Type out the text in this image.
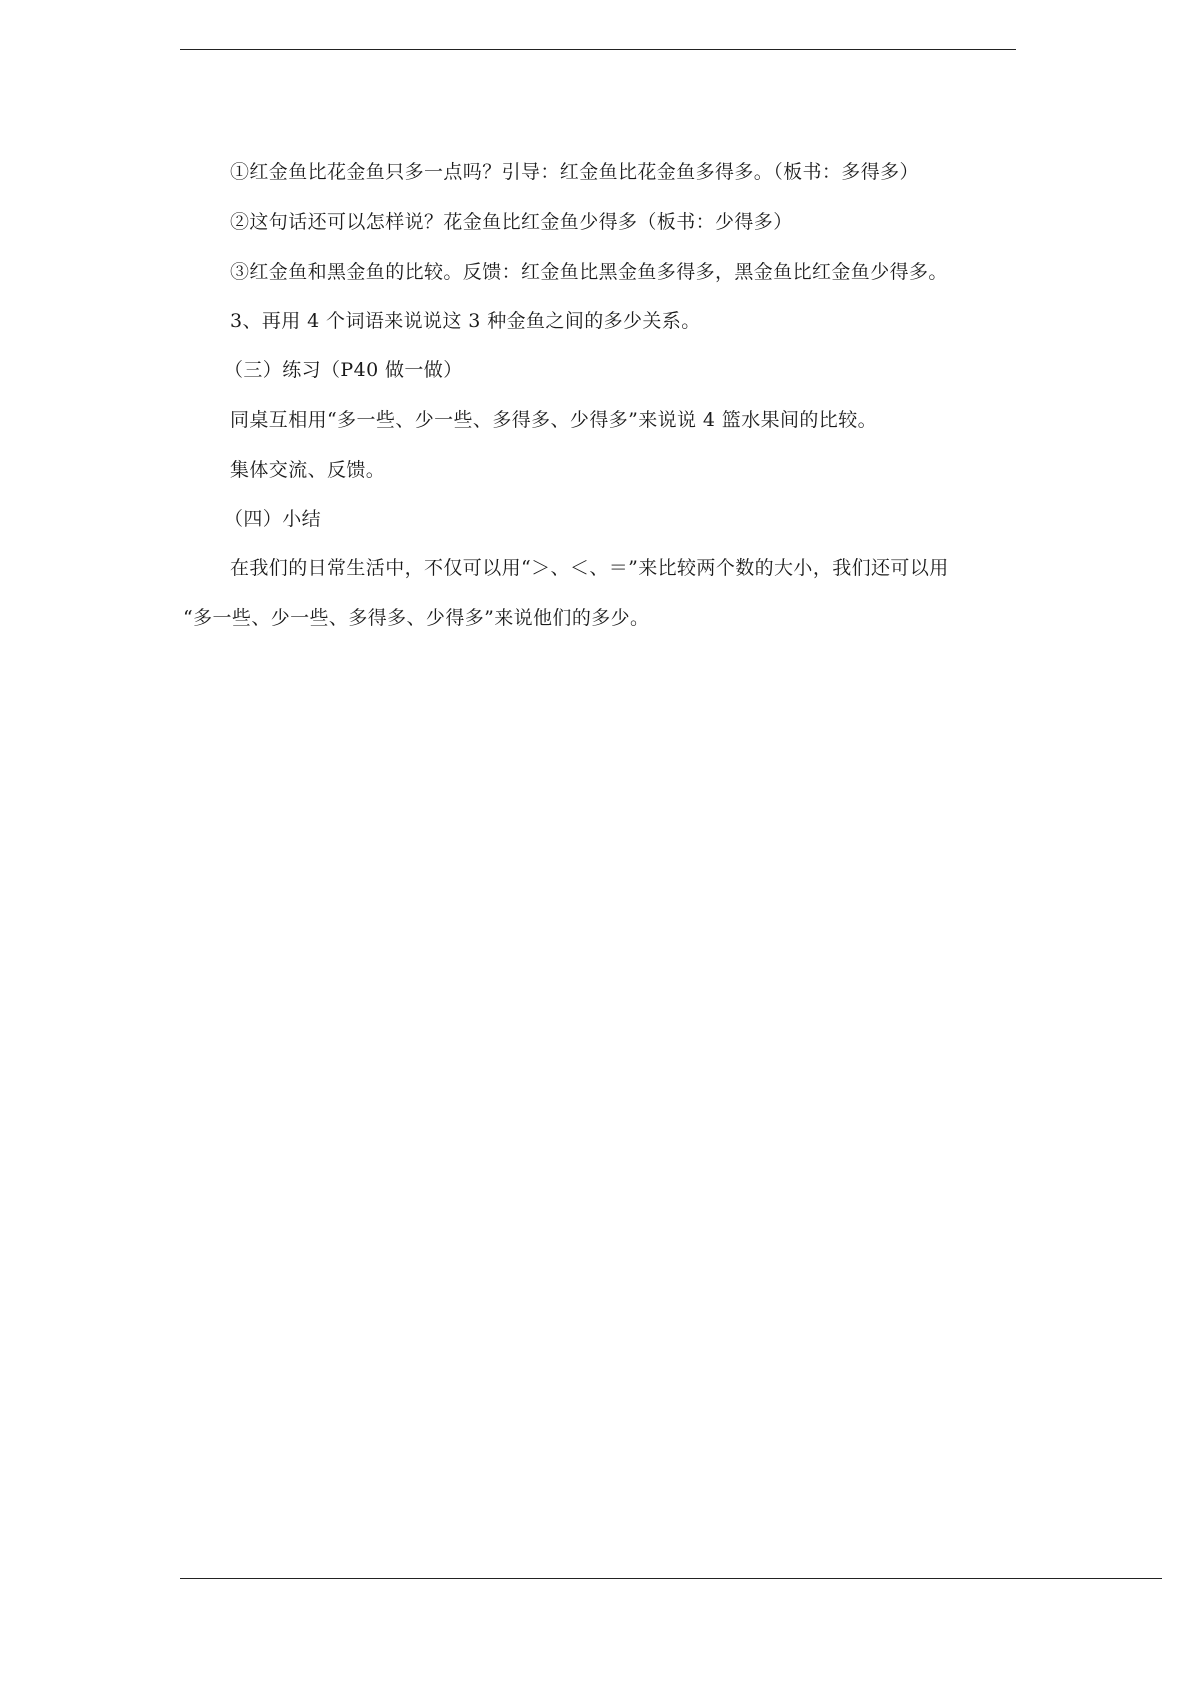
①红金鱼比花金鱼只多一点吗？引导：红金鱼比花金鱼多得多。（板书：多得多）
②这句话还可以怎样说？花金鱼比红金鱼少得多（板书：少得多）
③红金鱼和黑金鱼的比较。反馈：红金鱼比黑金鱼多得多，黑金鱼比红金鱼少得多。
3、再用 4 个词语来说说这 3 种金鱼之间的多少关系。
（三）练习（P40 做一做）
同桌互相用“多一些、少一些、多得多、少得多”来说说 4 篮水果间的比较。
集体交流、反馈。
（四）小结
在我们的日常生活中，不仅可以用“＞、＜、＝”来比较两个数的大小，我们还可以用
“多一些、少一些、多得多、少得多”来说他们的多少。
